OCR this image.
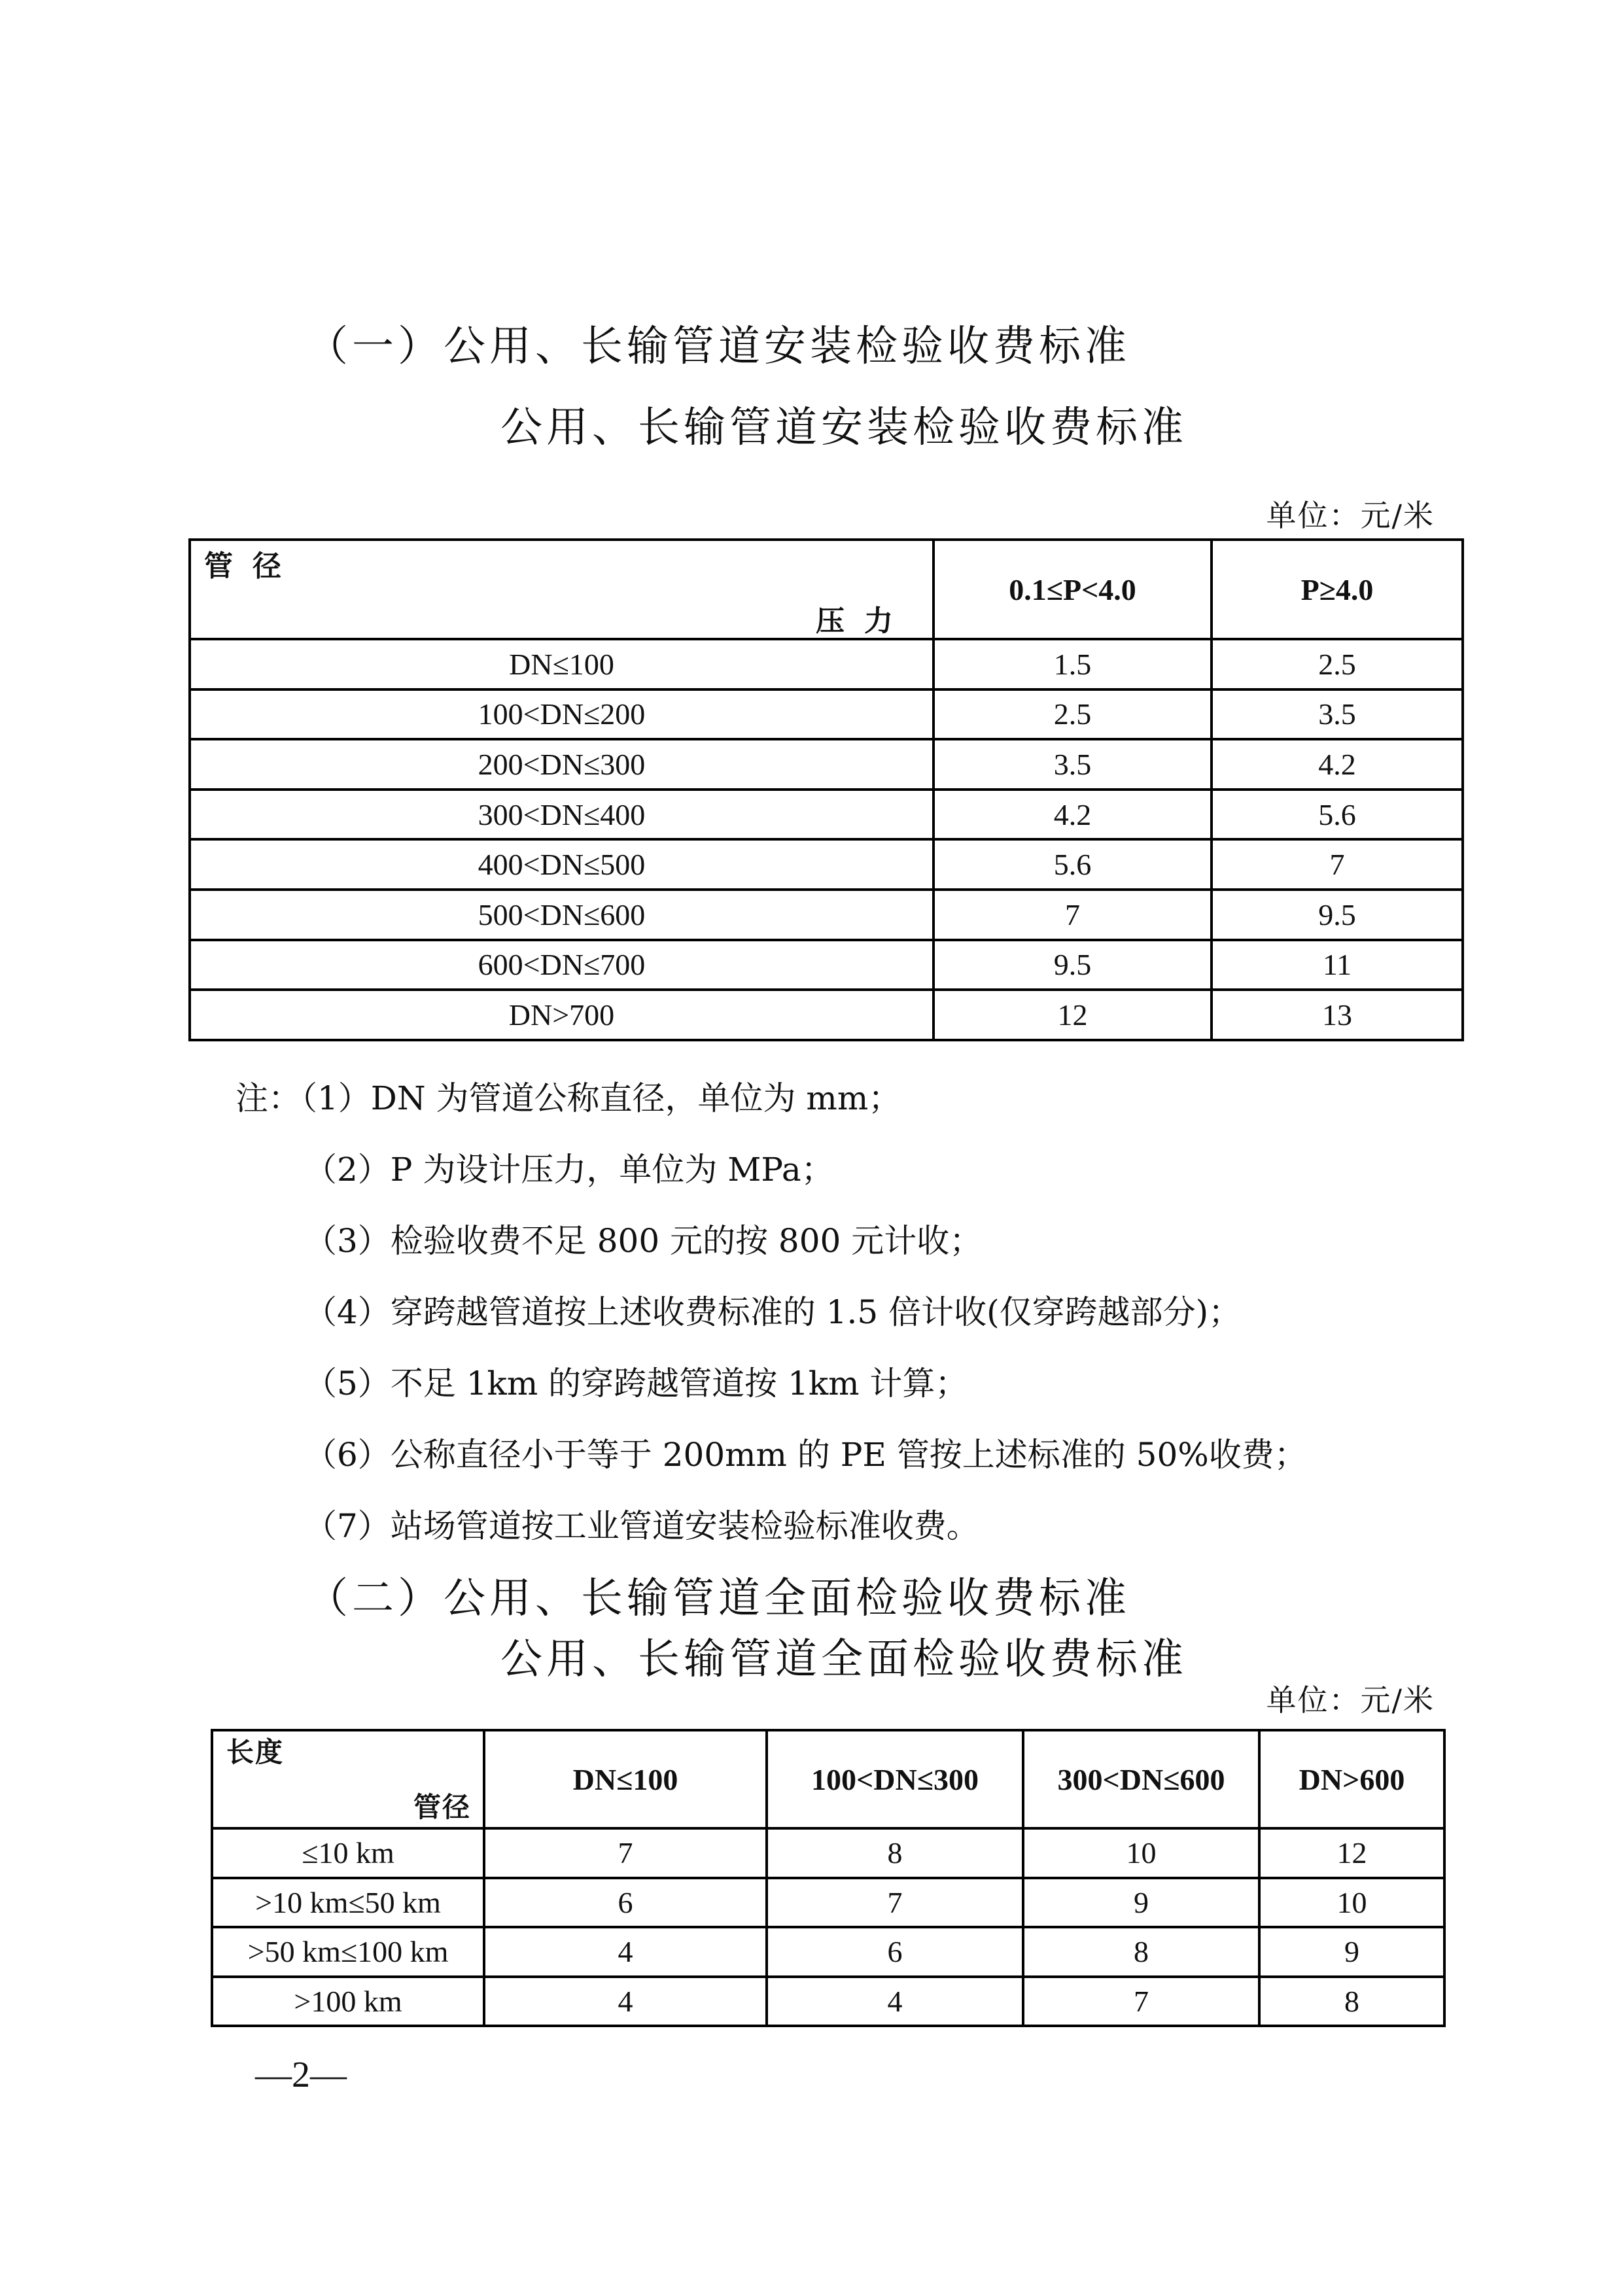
（一）公用、长输管道安装检验收费标准
公用、长输管道安装检验收费标准
单位：元/米
压力
管径	0.1≤P<4.0	P≥4.0
DN≤100	1.5	2.5
100<DN≤200	2.5	3.5
200<DN≤300	3.5	4.2
300<DN≤400	4.2	5.6
400<DN≤500	5.6	7
500<DN≤600	7	9.5
600<DN≤700	9.5	11
DN>700	12	13
注：（1）DN 为管道公称直径，单位为 mm；
（2）P 为设计压力，单位为 MPa；
（3）检验收费不足 800 元的按 800 元计收；
（4）穿跨越管道按上述收费标准的 1.5 倍计收(仅穿跨越部分)；
（5）不足 1km 的穿跨越管道按 1km 计算；
（6）公称直径小于等于 200mm 的 PE 管按上述标准的 50%收费；
（7）站场管道按工业管道安装检验标准收费。
（二）公用、长输管道全面检验收费标准
公用、长输管道全面检验收费标准
单位：元/米
管径
长度	DN≤100	100<DN≤300	300<DN≤600	DN>600
≤10 km	7	8	10	12
>10 km≤50 km	6	7	9	10
>50 km≤100 km	4	6	8	9
>100 km	4	4	7	8
—2—
